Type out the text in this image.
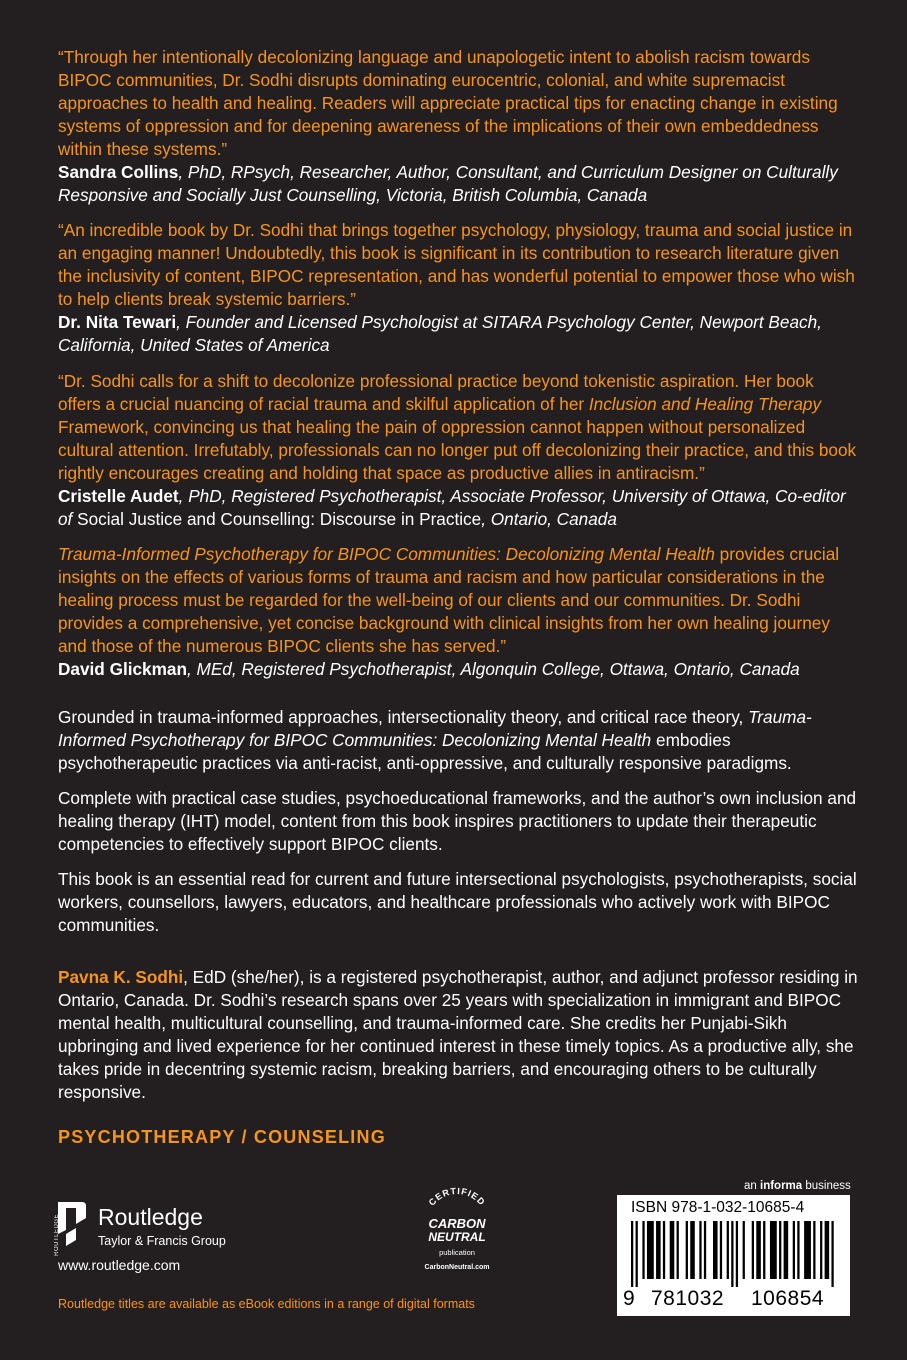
“Through her intentionally decolonizing language and unapologetic intent to abolish racism towards BIPOC communities, Dr. Sodhi disrupts dominating eurocentric, colonial, and white supremacist approaches to health and healing. Readers will appreciate practical tips for enacting change in existing systems of oppression and for deepening awareness of the implications of their own embeddedness within these systems.”
Sandra Collins, PhD, RPsych, Researcher, Author, Consultant, and Curriculum Designer on Culturally Responsive and Socially Just Counselling, Victoria, British Columbia, Canada
“An incredible book by Dr. Sodhi that brings together psychology, physiology, trauma and social justice in an engaging manner! Undoubtedly, this book is significant in its contribution to research literature given the inclusivity of content, BIPOC representation, and has wonderful potential to empower those who wish to help clients break systemic barriers.”
Dr. Nita Tewari, Founder and Licensed Psychologist at SITARA Psychology Center, Newport Beach, California, United States of America
“Dr. Sodhi calls for a shift to decolonize professional practice beyond tokenistic aspiration. Her book offers a crucial nuancing of racial trauma and skilful application of her Inclusion and Healing Therapy Framework, convincing us that healing the pain of oppression cannot happen without personalized cultural attention. Irrefutably, professionals can no longer put off decolonizing their practice, and this book rightly encourages creating and holding that space as productive allies in antiracism.”
Cristelle Audet, PhD, Registered Psychotherapist, Associate Professor, University of Ottawa, Co-editor of Social Justice and Counselling: Discourse in Practice, Ontario, Canada
Trauma-Informed Psychotherapy for BIPOC Communities: Decolonizing Mental Health provides crucial insights on the effects of various forms of trauma and racism and how particular considerations in the healing process must be regarded for the well-being of our clients and our communities. Dr. Sodhi provides a comprehensive, yet concise background with clinical insights from her own healing journey and those of the numerous BIPOC clients she has served.”
David Glickman, MEd, Registered Psychotherapist, Algonquin College, Ottawa, Ontario, Canada
Grounded in trauma-informed approaches, intersectionality theory, and critical race theory, Trauma-Informed Psychotherapy for BIPOC Communities: Decolonizing Mental Health embodies psychotherapeutic practices via anti-racist, anti-oppressive, and culturally responsive paradigms.
Complete with practical case studies, psychoeducational frameworks, and the author’s own inclusion and healing therapy (IHT) model, content from this book inspires practitioners to update their therapeutic competencies to effectively support BIPOC clients.
This book is an essential read for current and future intersectional psychologists, psychotherapists, social workers, counsellors, lawyers, educators, and healthcare professionals who actively work with BIPOC communities.
Pavna K. Sodhi, EdD (she/her), is a registered psychotherapist, author, and adjunct professor residing in Ontario, Canada. Dr. Sodhi’s research spans over 25 years with specialization in immigrant and BIPOC mental health, multicultural counselling, and trauma-informed care. She credits her Punjabi-Sikh upbringing and lived experience for her continued interest in these timely topics. As a productive ally, she takes pride in decentring systemic racism, breaking barriers, and encouraging others to be culturally responsive.
PSYCHOTHERAPY / COUNSELING
ROUTLEDGE Routledge
Taylor & Francis Group
www.routledge.com
Routledge titles are available as eBook editions in a range of digital formats
CERTIFIED
CARBON
NEUTRAL
publication
CarbonNeutral.com
an informa business
ISBN 978-1-032-10685-4
9 781032 106854
